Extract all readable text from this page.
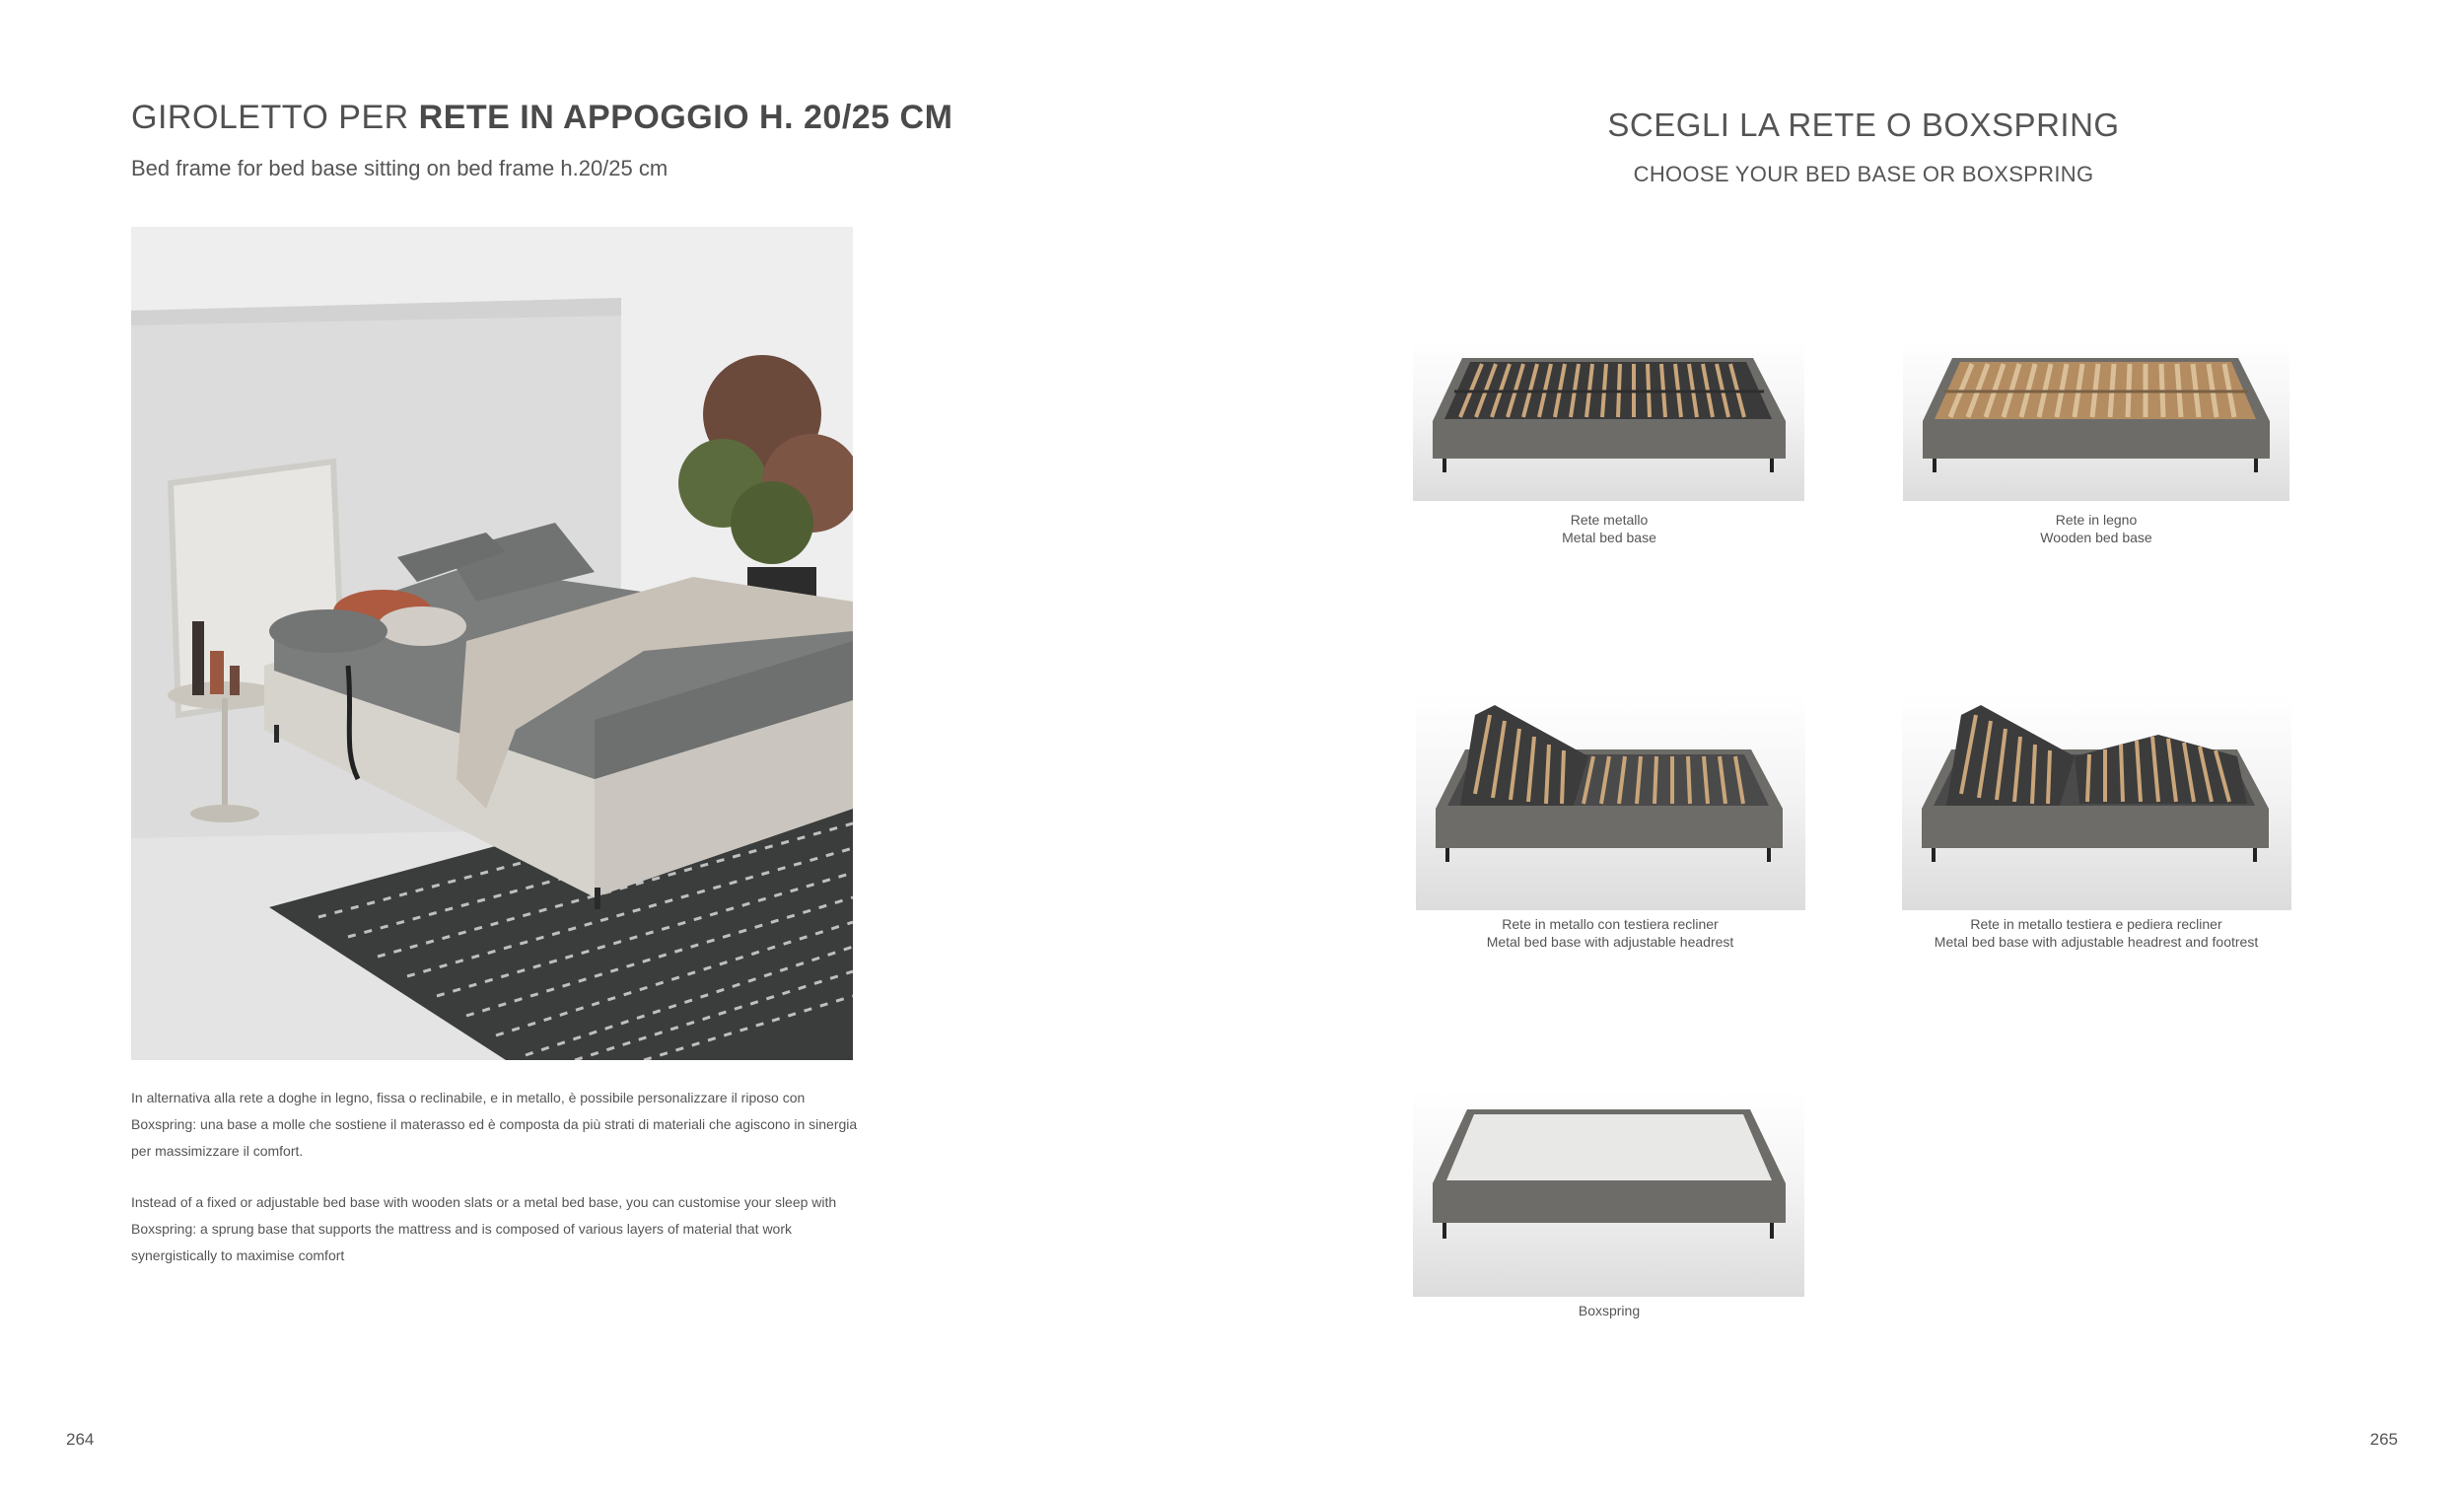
GIROLETTO PER RETE IN APPOGGIO H. 20/25 CM
Bed frame for bed base sitting on bed frame h.20/25 cm
In alternativa alla rete a doghe in legno, fissa o reclinabile, e in metallo, è possibile personalizzare il riposo con Boxspring: una base a molle che sostiene il materasso ed è composta da più strati di materiali che agiscono in sinergia per massimizzare il comfort.
Instead of a fixed or adjustable bed base with wooden slats or a metal bed base, you can customise your sleep with Boxspring: a sprung base that supports the mattress and is composed of various layers of material that work synergistically to maximise comfort
264
SCEGLI LA RETE O BOXSPRING
CHOOSE YOUR BED BASE OR BOXSPRING
Rete metallo
Metal bed base
Rete in legno
Wooden bed base
Rete in metallo con testiera recliner
Metal bed base with adjustable headrest
Rete in metallo testiera e pediera recliner
Metal bed base with adjustable headrest and footrest
Boxspring
265
